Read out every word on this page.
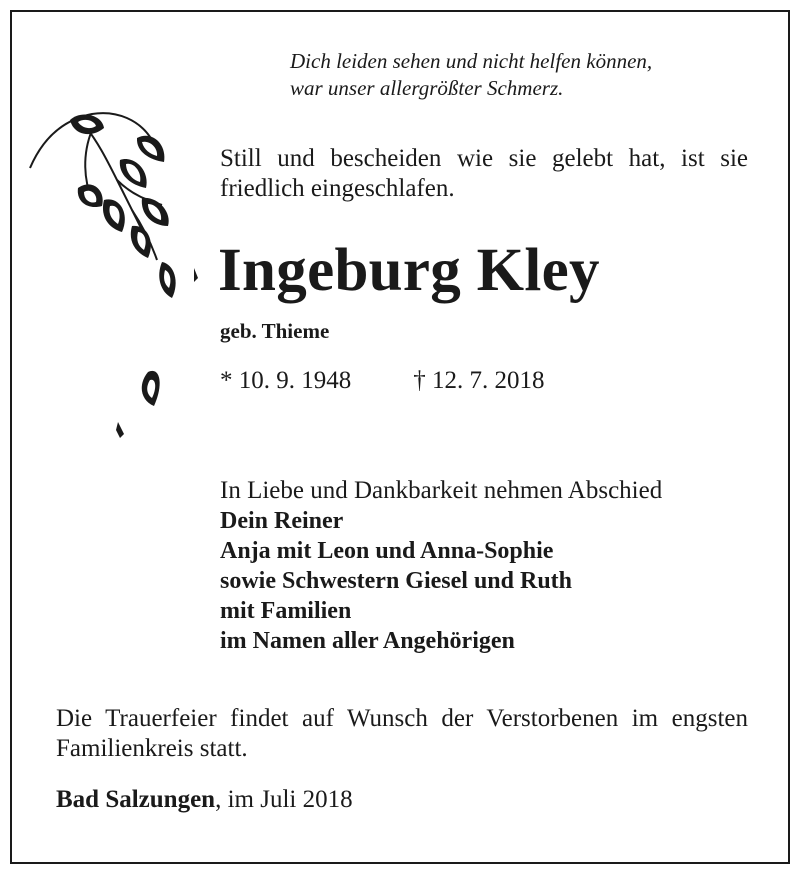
Dich leiden sehen und nicht helfen können,
war unser allergrößter Schmerz.
Still und bescheiden wie sie gelebt hat, ist sie friedlich eingeschlafen.
Ingeburg Kley
geb. Thieme
* 10. 9. 1948 † 12. 7. 2018
In Liebe und Dankbarkeit nehmen Abschied
Dein Reiner
Anja mit Leon und Anna-Sophie
sowie Schwestern Giesel und Ruth
mit Familien
im Namen aller Angehörigen
Die Trauerfeier findet auf Wunsch der Verstorbenen im engsten Familienkreis statt.
Bad Salzungen, im Juli 2018
